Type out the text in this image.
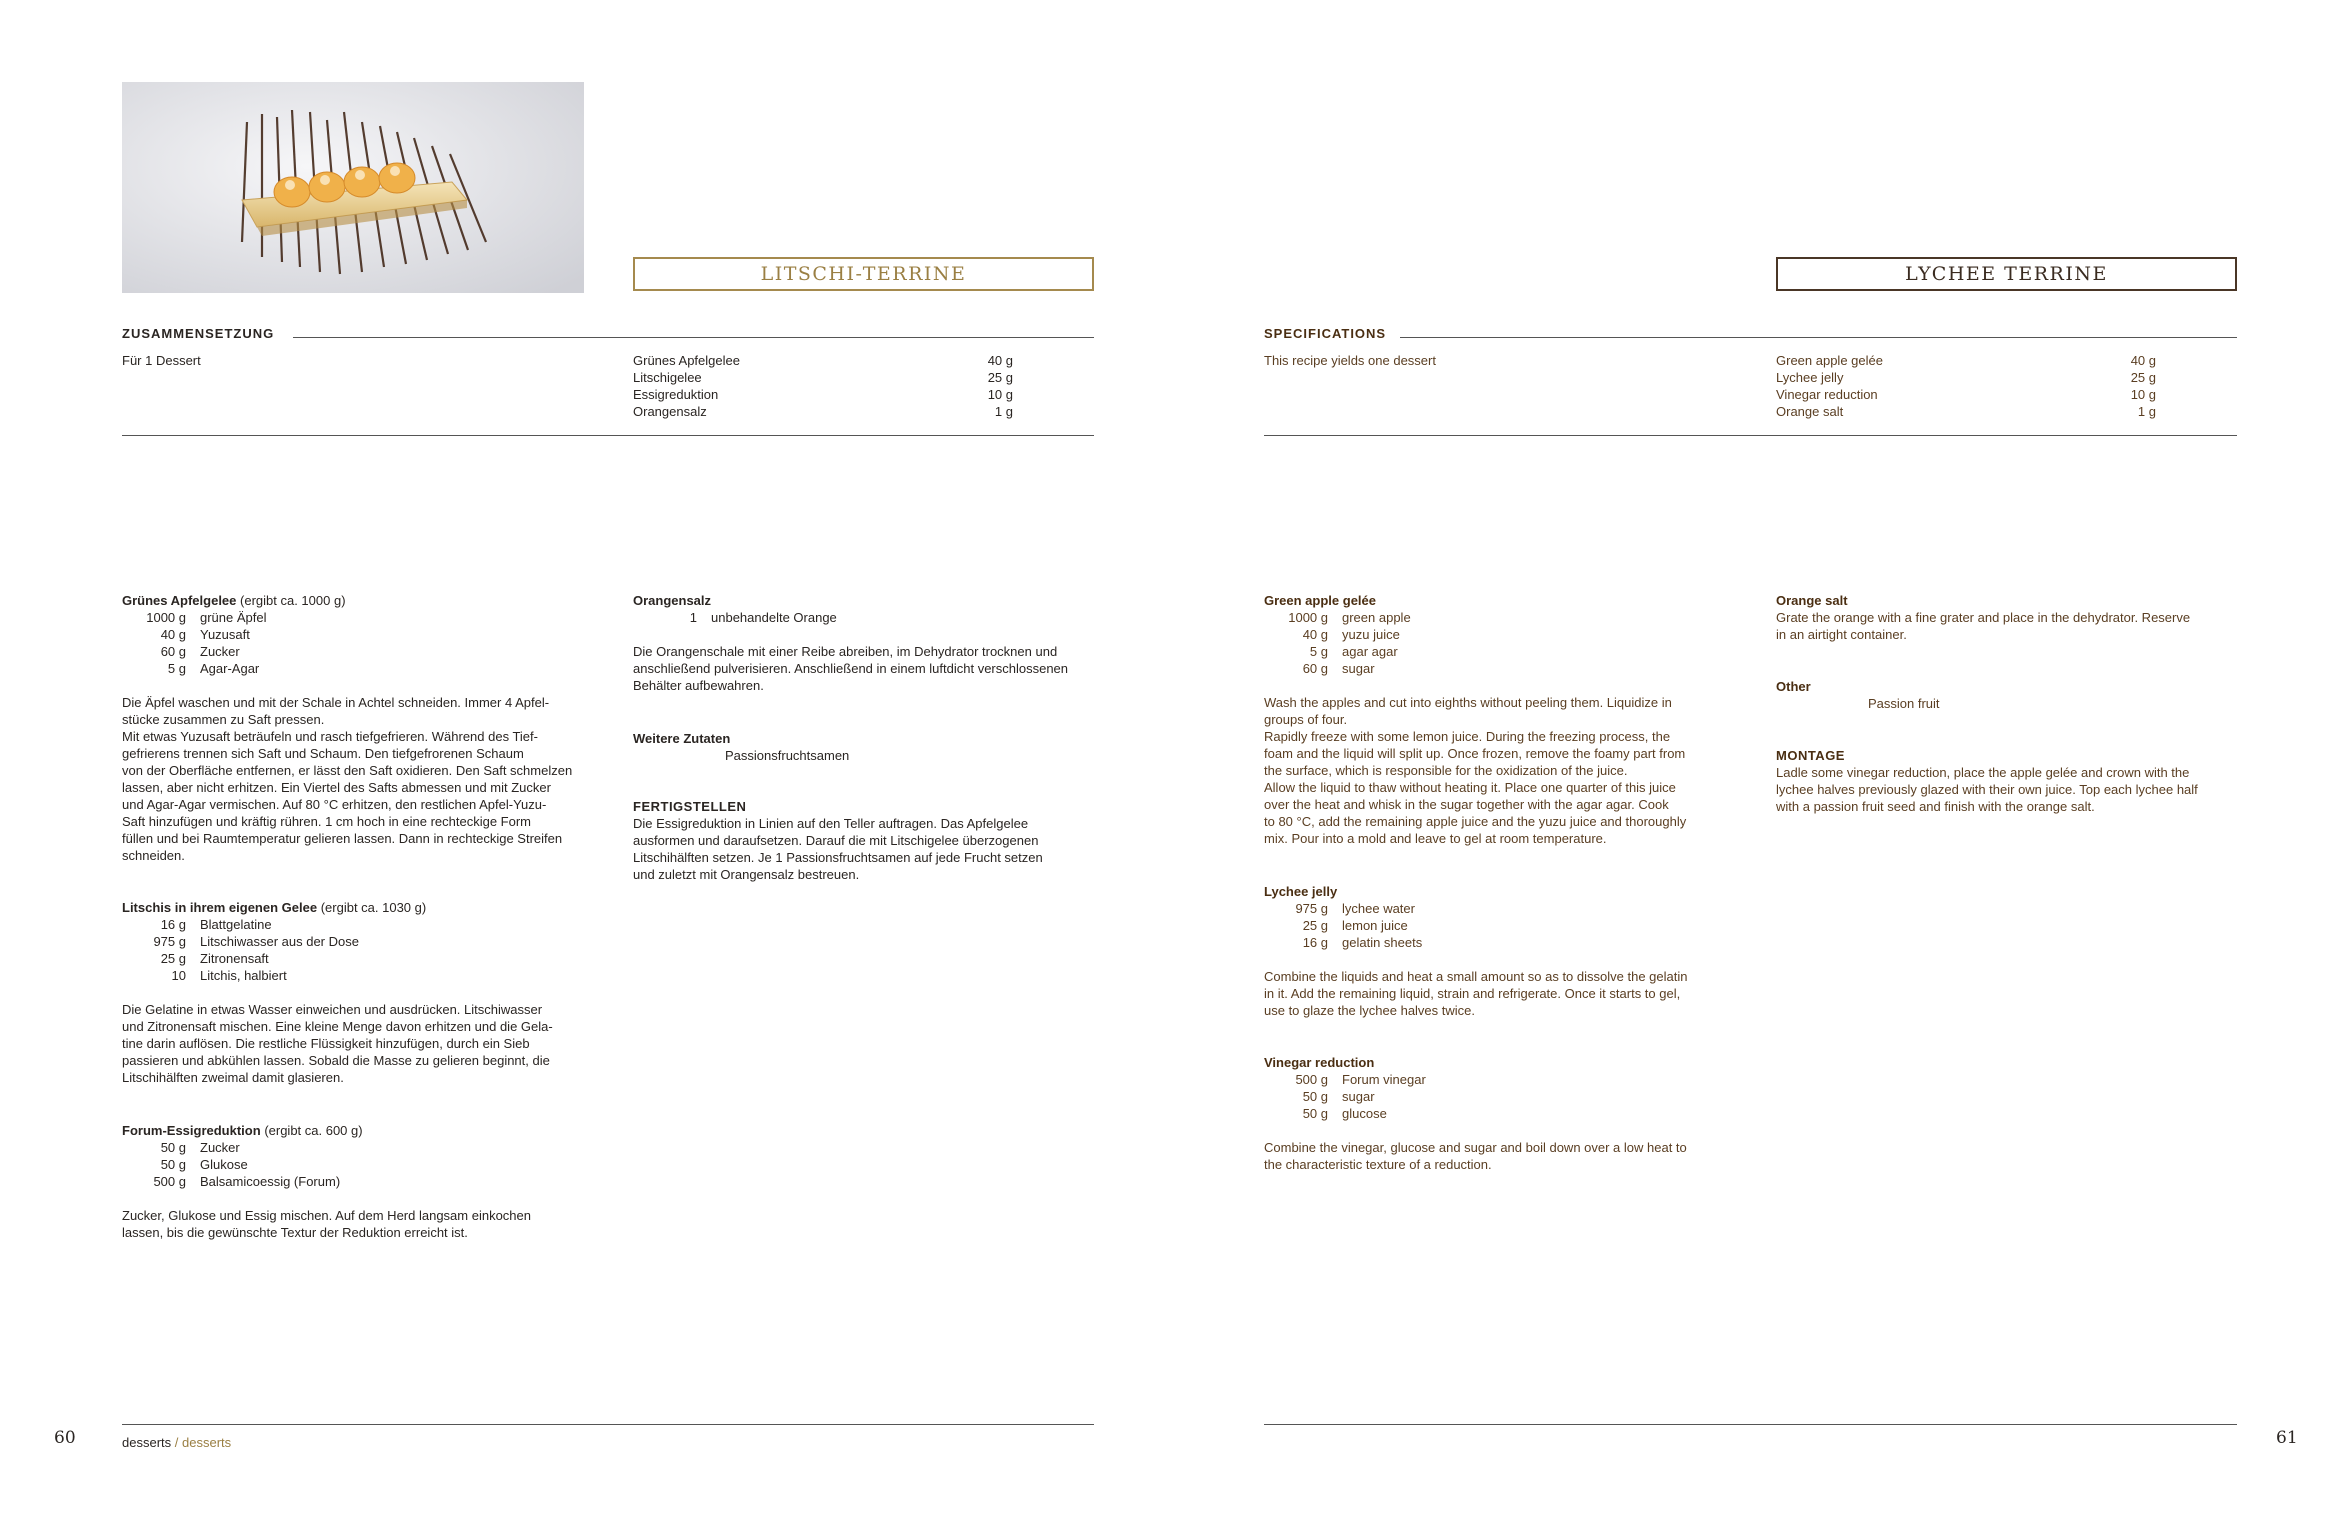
LITSCHI-TERRINE
ZUSAMMENSETZUNG
Für 1 Dessert	Grünes Apfelgelee	40 g
Litschigelee	25 g
Essigreduktion	10 g
Orangensalz	1 g
Grünes Apfelgelee (ergibt ca. 1000 g)
1000 g	grüne Äpfel
40 g	Yuzusaft
60 g	Zucker
5 g	Agar-Agar

Die Äpfel waschen und mit der Schale in Achtel schneiden. Immer 4 Apfel-

stücke zusammen zu Saft pressen.

Mit etwas Yuzusaft beträufeln und rasch tiefgefrieren. Während des Tief-

gefrierens trennen sich Saft und Schaum. Den tiefgefrorenen Schaum

von der Oberfläche entfernen, er lässt den Saft oxidieren. Den Saft schmelzen

lassen, aber nicht erhitzen. Ein Viertel des Safts abmessen und mit Zucker

und Agar-Agar vermischen. Auf 80 °C erhitzen, den restlichen Apfel-Yuzu-

Saft hinzufügen und kräftig rühren. 1 cm hoch in eine rechteckige Form

füllen und bei Raumtemperatur gelieren lassen. Dann in rechteckige Streifen

schneiden.

Litschis in ihrem eigenen Gelee (ergibt ca. 1030 g)
16 g	Blattgelatine
975 g	Litschiwasser aus der Dose
25 g	Zitronensaft
10	Litchis, halbiert

Die Gelatine in etwas Wasser einweichen und ausdrücken. Litschiwasser

und Zitronensaft mischen. Eine kleine Menge davon erhitzen und die Gela-

tine darin auflösen. Die restliche Flüssigkeit hinzufügen, durch ein Sieb

passieren und abkühlen lassen. Sobald die Masse zu gelieren beginnt, die

Litschihälften zweimal damit glasieren.

Forum-Essigreduktion (ergibt ca. 600 g)
50 g	Zucker
50 g	Glukose
500 g	Balsamicoessig (Forum)

Zucker, Glukose und Essig mischen. Auf dem Herd langsam einkochen

lassen, bis die gewünschte Textur der Reduktion erreicht ist.

Orangensalz
1	unbehandelte Orange

Die Orangenschale mit einer Reibe abreiben, im Dehydrator trocknen und

anschließend pulverisieren. Anschließend in einem luftdicht verschlossenen

Behälter aufbewahren.

Weitere Zutaten
Passionsfruchtsamen
FERTIGSTELLEN

Die Essigreduktion in Linien auf den Teller auftragen. Das Apfelgelee

ausformen und daraufsetzen. Darauf die mit Litschigelee überzogenen

Litschihälften setzen. Je 1 Passionsfruchtsamen auf jede Frucht setzen

und zuletzt mit Orangensalz bestreuen.

60	desserts / desserts
LYCHEE TERRINE
SPECIFICATIONS
This recipe yields one dessert	Green apple gelée	40 g
Lychee jelly	25 g
Vinegar reduction	10 g
Orange salt	1 g
Green apple gelée
1000 g	green apple
40 g	yuzu juice
5 g	agar agar
60 g	sugar

Wash the apples and cut into eighths without peeling them. Liquidize in

groups of four.

Rapidly freeze with some lemon juice. During the freezing process, the

foam and the liquid will split up. Once frozen, remove the foamy part from

the surface, which is responsible for the oxidization of the juice.

Allow the liquid to thaw without heating it. Place one quarter of this juice

over the heat and whisk in the sugar together with the agar agar. Cook

to 80 °C, add the remaining apple juice and the yuzu juice and thoroughly

mix. Pour into a mold and leave to gel at room temperature.

Lychee jelly
975 g	lychee water
25 g	lemon juice
16 g	gelatin sheets

Combine the liquids and heat a small amount so as to dissolve the gelatin

in it. Add the remaining liquid, strain and refrigerate. Once it starts to gel,

use to glaze the lychee halves twice.

Vinegar reduction
500 g	Forum vinegar
50 g	sugar
50 g	glucose

Combine the vinegar, glucose and sugar and boil down over a low heat to

the characteristic texture of a reduction.

Orange salt

Grate the orange with a fine grater and place in the dehydrator. Reserve

in an airtight container.

Other
Passion fruit
MONTAGE

Ladle some vinegar reduction, place the apple gelée and crown with the

lychee halves previously glazed with their own juice. Top each lychee half

with a passion fruit seed and finish with the orange salt.

61
